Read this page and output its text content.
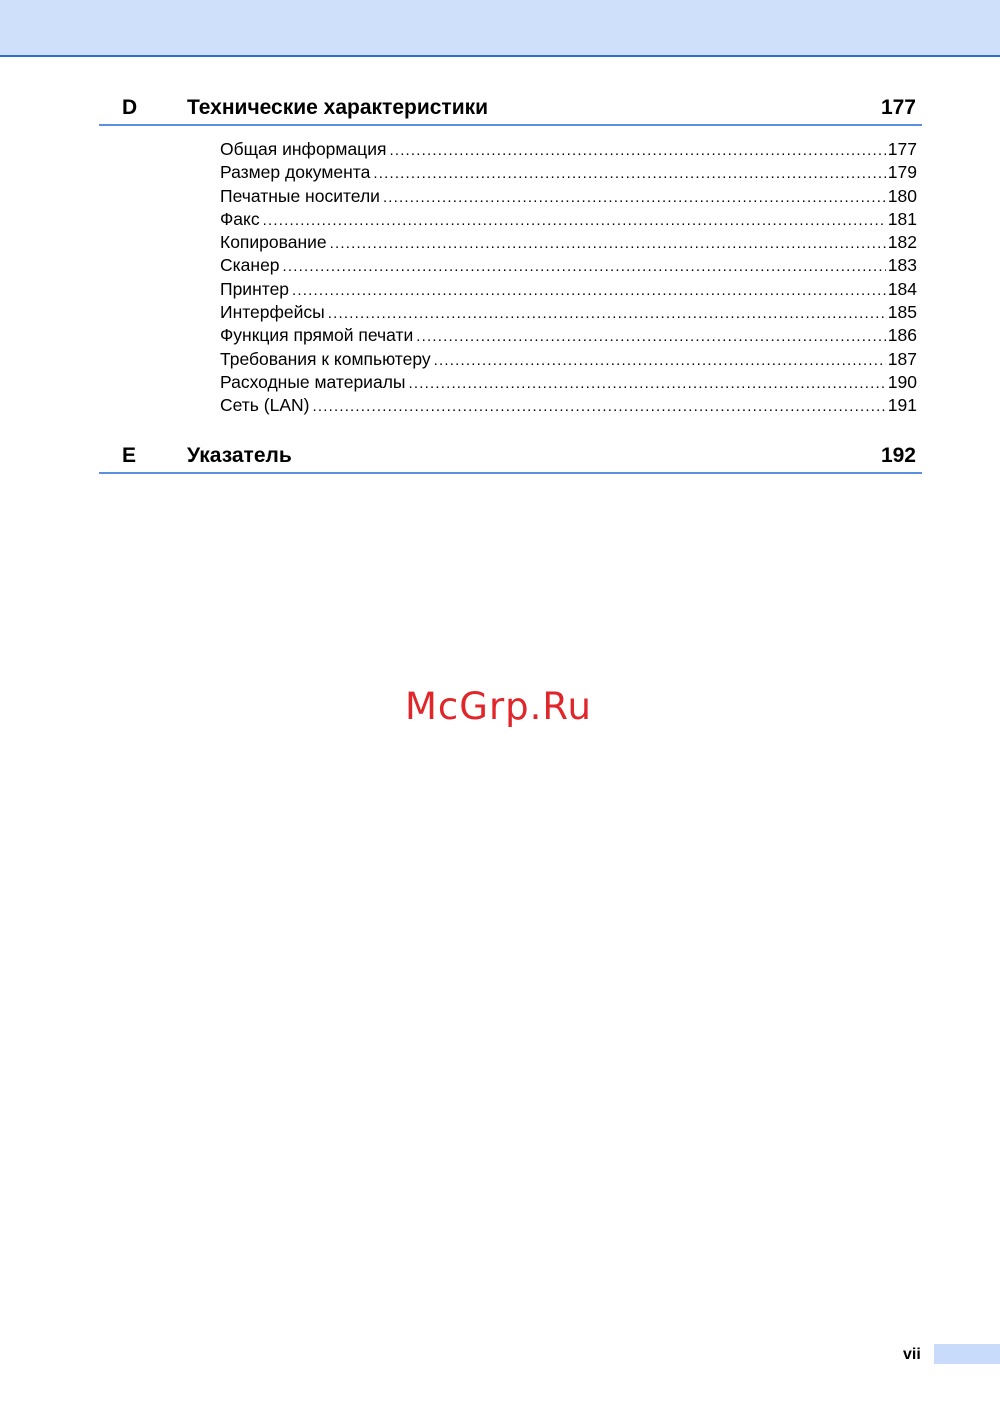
D Технические характеристики	177
Общая информация .....	177
Размер документа .....	179
Печатные носители .....	180
Факс .....	181
Копирование .....	182
Сканер .....	183
Принтер .....	184
Интерфейсы .....	185
Функция прямой печати .....	186
Требования к компьютеру .....	187
Расходные материалы .....	190
Сеть (LAN) .....	191
E Указатель	192
McGrp.Ru
vii
